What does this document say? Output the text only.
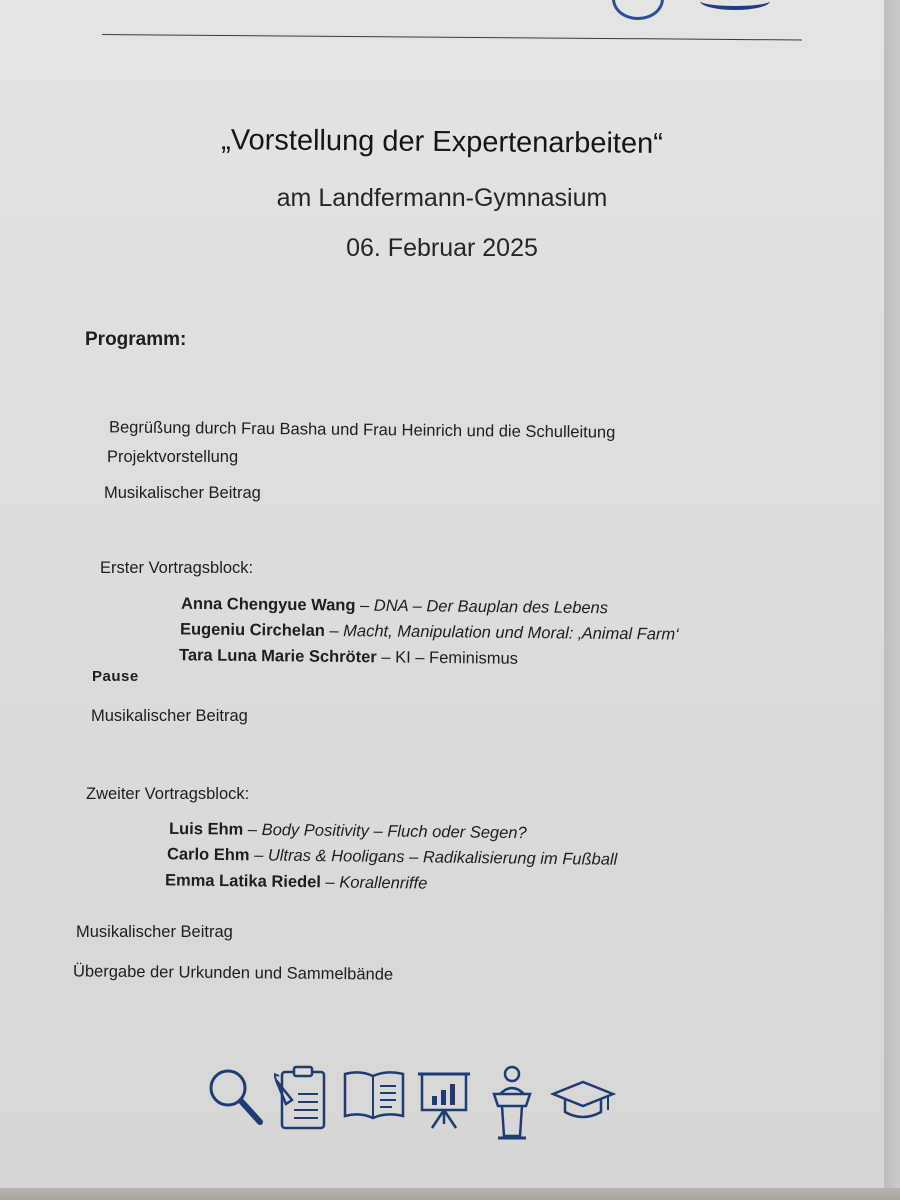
„Vorstellung der Expertenarbeiten“
am Landfermann-Gymnasium
06. Februar 2025
Programm:
Begrüßung durch Frau Basha und Frau Heinrich und die Schulleitung
Projektvorstellung
Musikalischer Beitrag
Erster Vortragsblock:
Anna Chengyue Wang – DNA – Der Bauplan des Lebens
Eugeniu Circhelan – Macht, Manipulation und Moral: ‚Animal Farm‘
Tara Luna Marie Schröter – KI – Feminismus
Pause
Musikalischer Beitrag
Zweiter Vortragsblock:
Luis Ehm – Body Positivity – Fluch oder Segen?
Carlo Ehm – Ultras & Hooligans – Radikalisierung im Fußball
Emma Latika Riedel – Korallenriffe
Musikalischer Beitrag
Übergabe der Urkunden und Sammelbände
